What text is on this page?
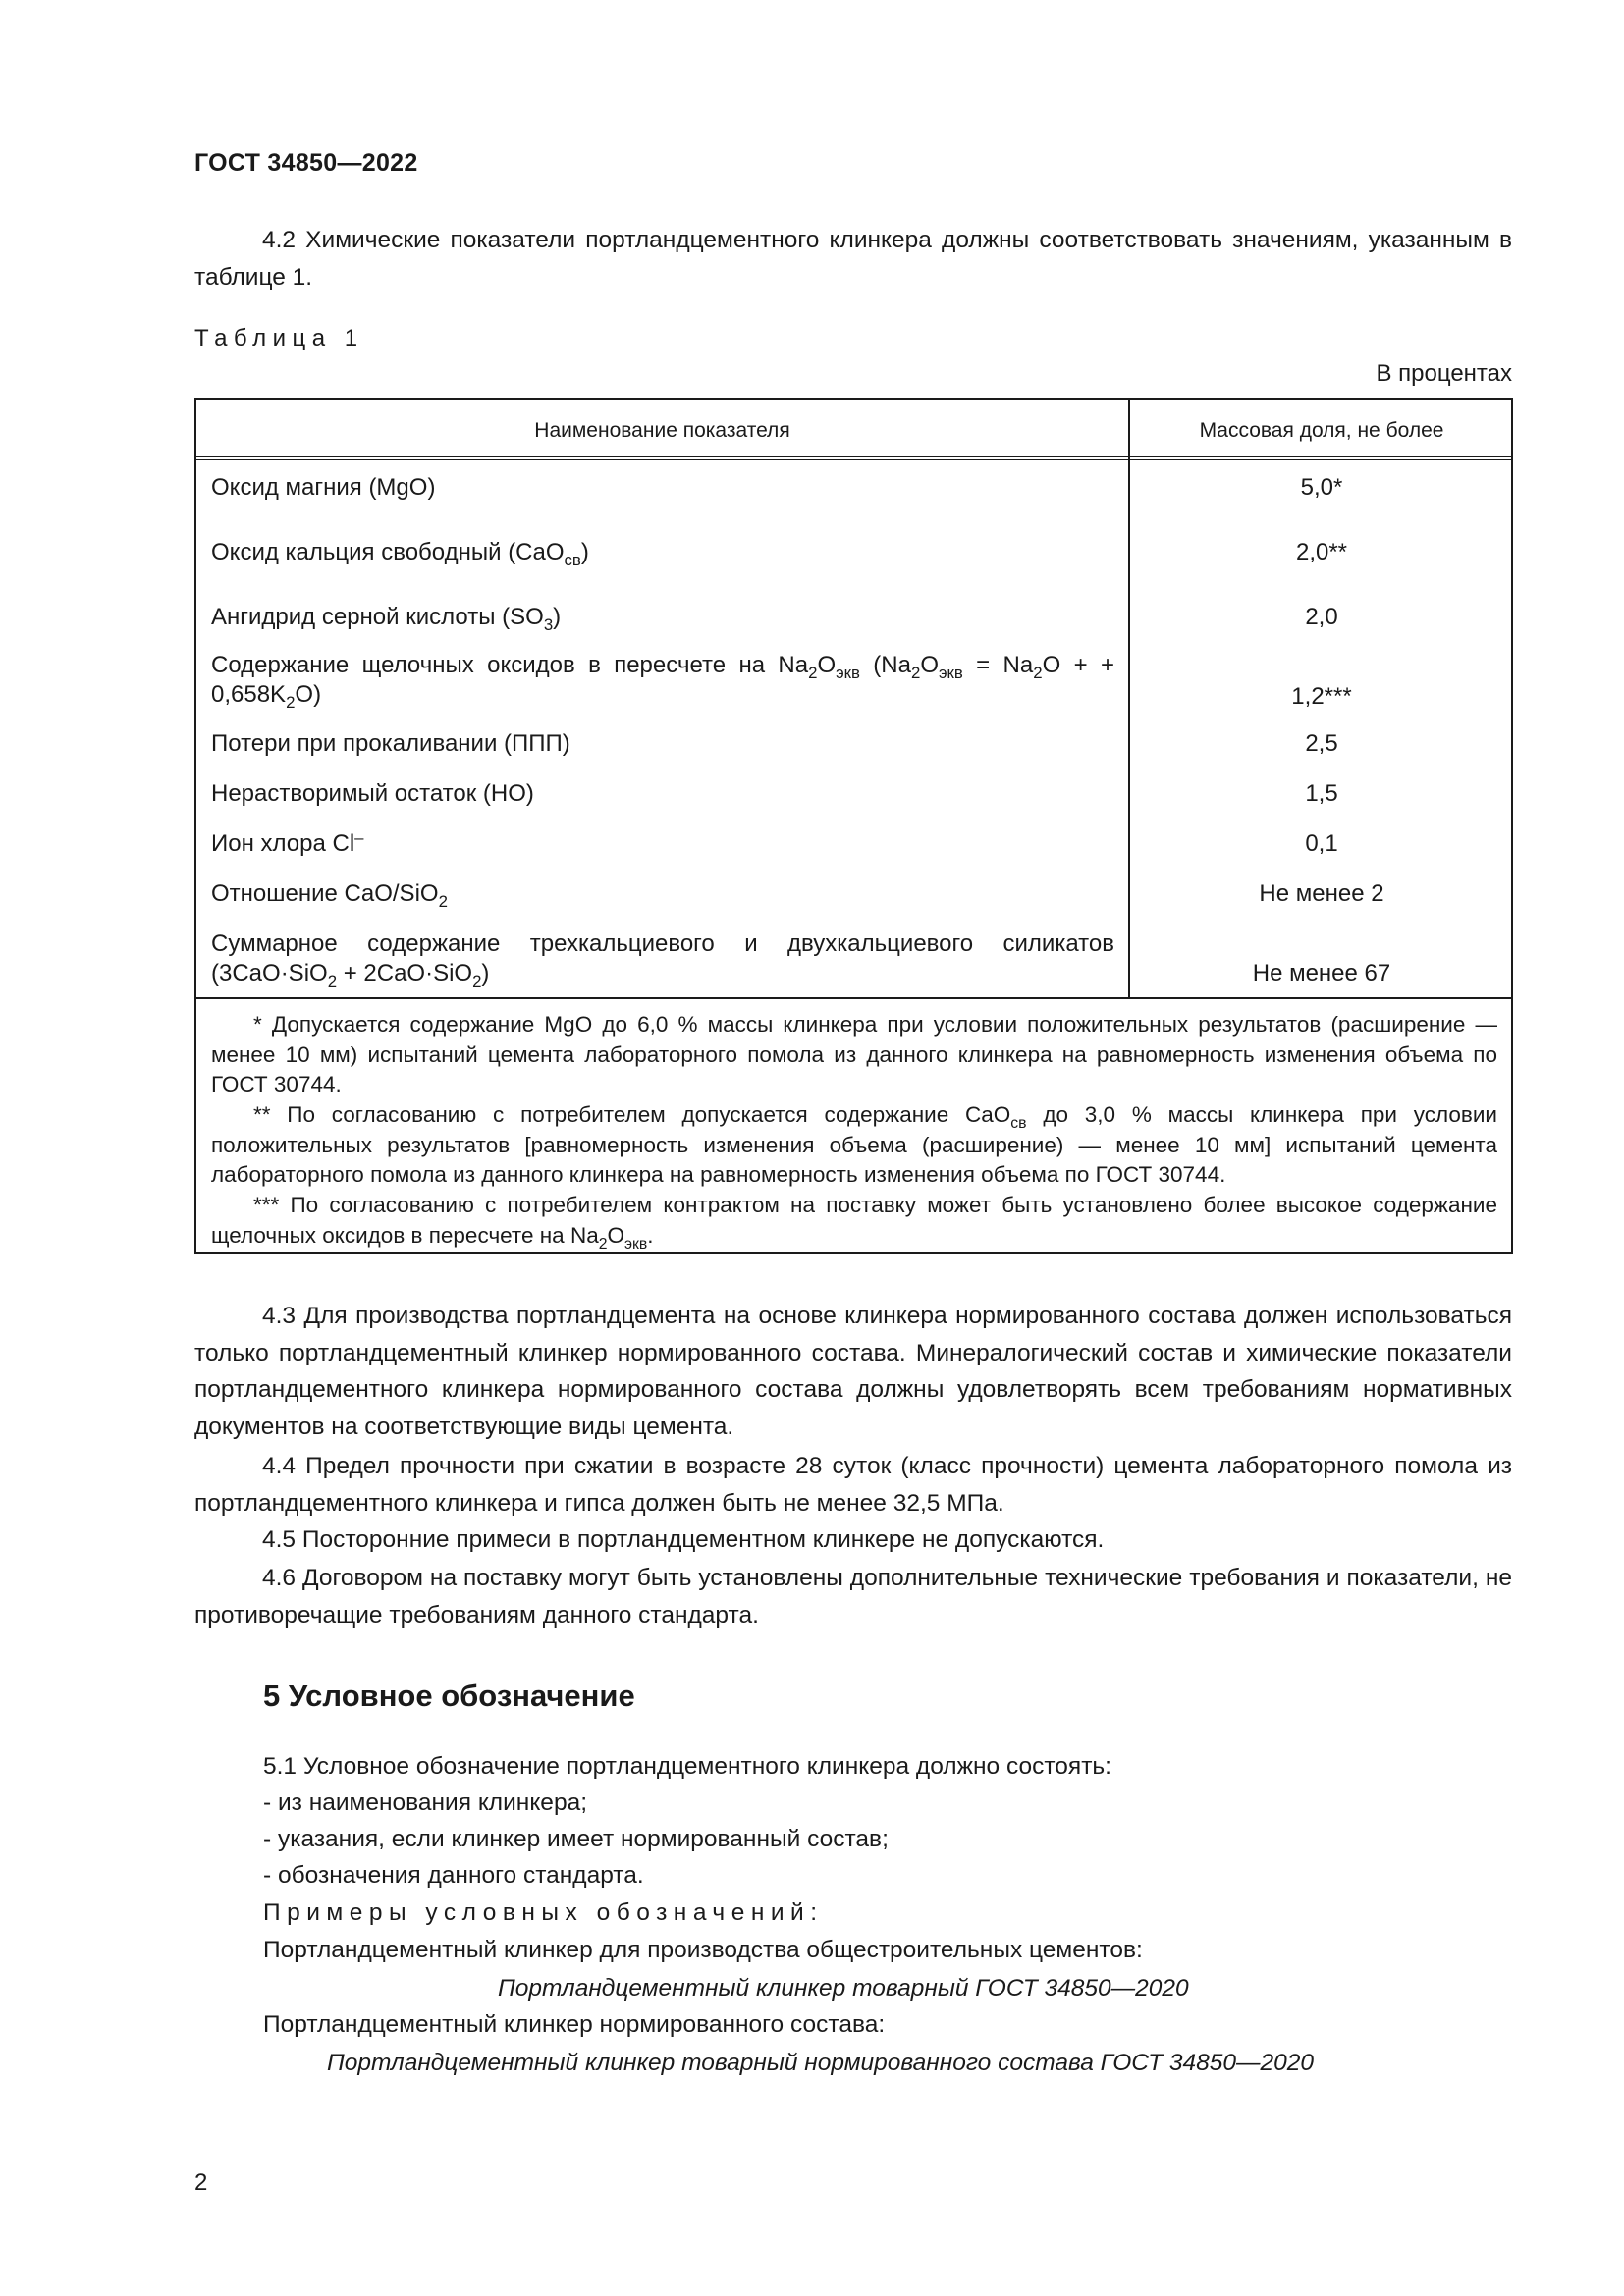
ГОСТ 34850—2022

4.2 Химические показатели портландцементного клинкера должны соответствовать значениям, указанным в таблице 1.

Таблица 1
В процентах
Наименование показателя	Массовая доля, не более
Оксид магния (MgO)	5,0*
Оксид кальция свободный (CaO$_{св}$)	2,0**
Ангидрид серной кислоты $(SO_3)$	2,0
Содержание щелочных оксидов в пересчете на $Na_2O_{экв}$ ($Na_2O_{экв} = Na_2O$ + + $0,658K_2O$)	1,2***
Потери при прокаливании (ППП)	2,5
Нерастворимый остаток (НО)	1,5
Ион хлора Cl–	0,1
Отношение CaO/SiO$_2$	Не менее 2
Суммарное содержание трехкальциевого и двухкальциевого силикатов (3CaO·SiO$_2$ + 2CaO·SiO$_2$)	Не менее 67

* Допускается содержание MgO до 6,0 % массы клинкера при условии положительных результатов (расширение — менее 10 мм) испытаний цемента лабораторного помола из данного клинкера на равномерность изменения объема по ГОСТ 30744.

** По согласованию с потребителем допускается содержание CaO$_{св}$ до 3,0 % массы клинкера при условии положительных результатов [равномерность изменения объема (расширение) — менее 10 мм] испытаний цемента лабораторного помола из данного клинкера на равномерность изменения объема по ГОСТ 30744.

*** По согласованию с потребителем контрактом на поставку может быть установлено более высокое содержание щелочных оксидов в пересчете на $Na_2O_{экв}$.

4.3 Для производства портландцемента на основе клинкера нормированного состава должен использоваться только портландцементный клинкер нормированного состава. Минералогический состав и химические показатели портландцементного клинкера нормированного состава должны удовлетворять всем требованиям нормативных документов на соответствующие виды цемента.

4.4 Предел прочности при сжатии в возрасте 28 суток (класс прочности) цемента лабораторного помола из портландцементного клинкера и гипса должен быть не менее 32,5 МПа.

4.5 Посторонние примеси в портландцементном клинкере не допускаются.

4.6 Договором на поставку могут быть установлены дополнительные технические требования и показатели, не противоречащие требованиям данного стандарта.

5 Условное обозначение
5.1 Условное обозначение портландцементного клинкера должно состоять:
- из наименования клинкера;
- указания, если клинкер имеет нормированный состав;
- обозначения данного стандарта.
Примеры условных обозначений:
Портландцементный клинкер для производства общестроительных цементов:
Портландцементный клинкер товарный ГОСТ 34850—2020
Портландцементный клинкер нормированного состава:
Портландцементный клинкер товарный нормированного состава ГОСТ 34850—2020
2
